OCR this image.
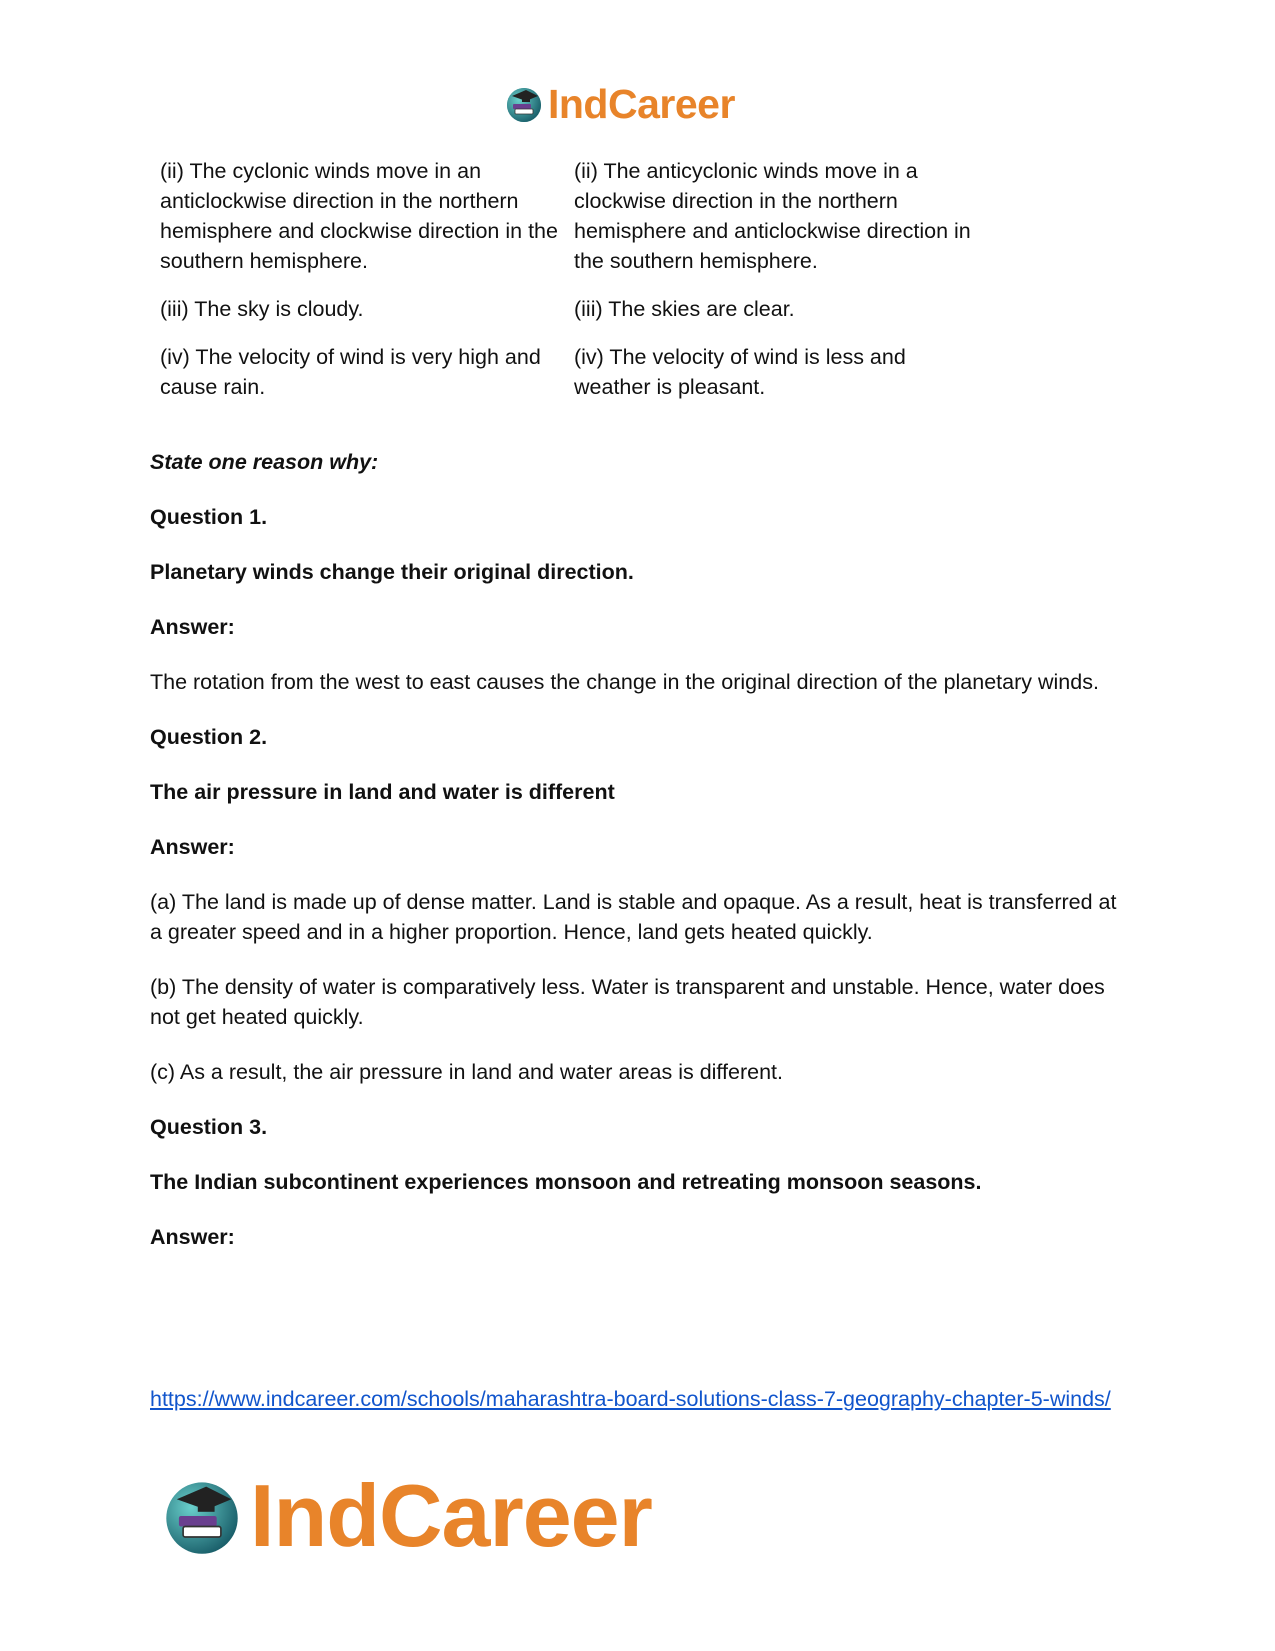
IndCareer
(ii) The cyclonic winds move in an anticlockwise direction in the northern hemisphere and clockwise direction in the southern hemisphere.
(ii) The anticyclonic winds move in a clockwise direction in the northern hemisphere and anticlockwise direction in the southern hemisphere.
(iii) The sky is cloudy.	(iii) The skies are clear.
(iv) The velocity of wind is very high and cause rain.
(iv) The velocity of wind is less and weather is pleasant.

State one reason why:

Question 1.

Planetary winds change their original direction.

Answer:

The rotation from the west to east causes the change in the original direction of the planetary winds.

Question 2.

The air pressure in land and water is different

Answer:

(a) The land is made up of dense matter. Land is stable and opaque. As a result, heat is transferred at a greater speed and in a higher proportion. Hence, land gets heated quickly.

(b) The density of water is comparatively less. Water is transparent and unstable. Hence, water does not get heated quickly.

(c) As a result, the air pressure in land and water areas is different.

Question 3.

The Indian subcontinent experiences monsoon and retreating monsoon seasons.

Answer:

https://www.indcareer.com/schools/maharashtra-board-solutions-class-7-geography-chapter-5-winds/
IndCareer
